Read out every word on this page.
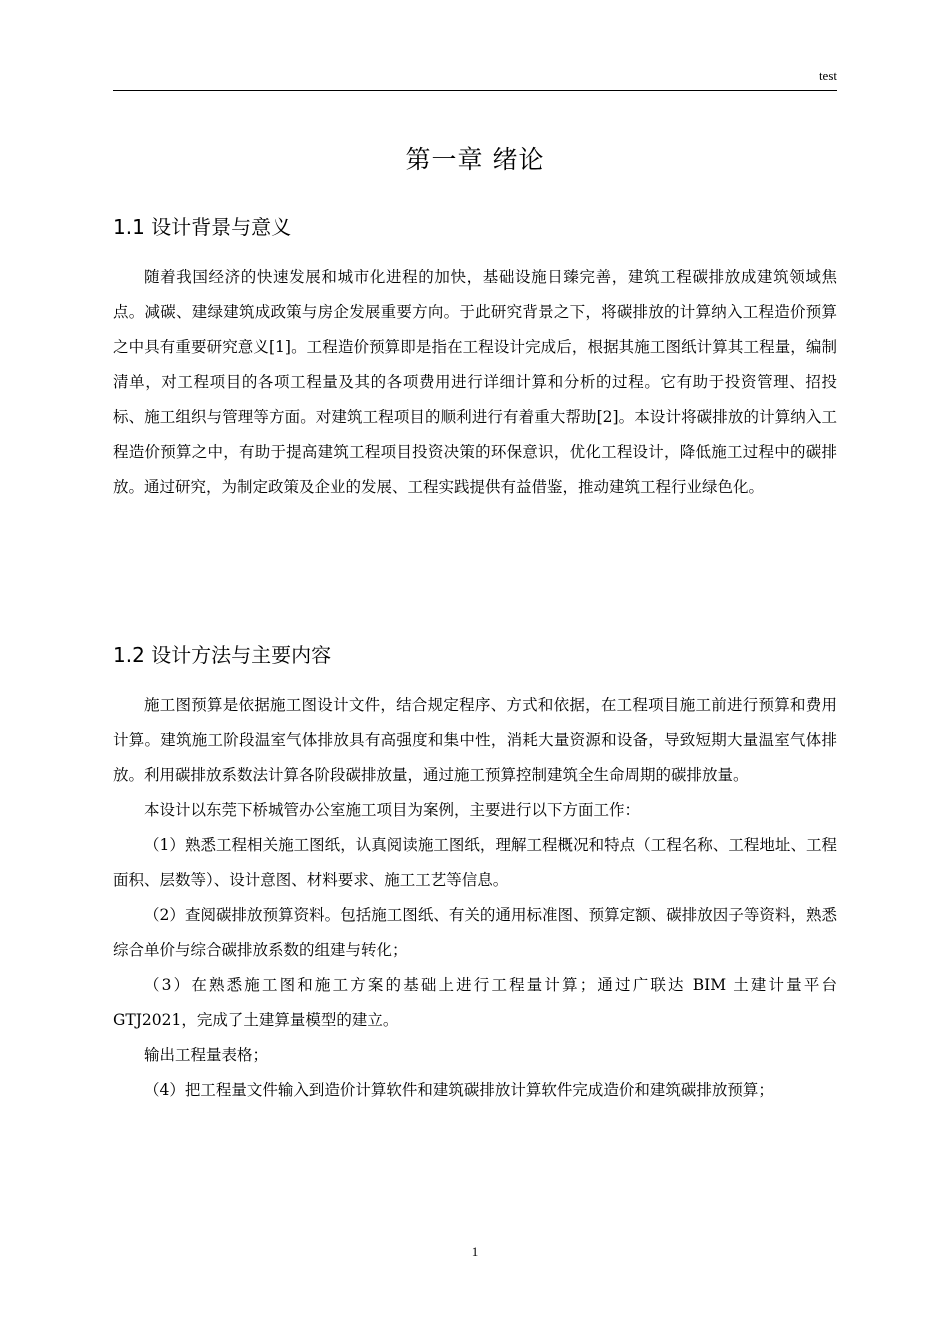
test
第一章 绪论
1.1 设计背景与意义

随着我国经济的快速发展和城市化进程的加快，基础设施日臻完善，建筑工程碳排放成建筑领域焦点。减碳、建绿建筑成政策与房企发展重要方向。于此研究背景之下，将碳排放的计算纳入工程造价预算之中具有重要研究意义[1]。工程造价预算即是指在工程设计完成后，根据其施工图纸计算其工程量，编制清单，对工程项目的各项工程量及其的各项费用进行详细计算和分析的过程。它有助于投资管理、招投标、施工组织与管理等方面。对建筑工程项目的顺利进行有着重大帮助[2]。本设计将碳排放的计算纳入工程造价预算之中，有助于提高建筑工程项目投资决策的环保意识，优化工程设计，降低施工过程中的碳排放。通过研究，为制定政策及企业的发展、工程实践提供有益借鉴，推动建筑工程行业绿色化。

1.2 设计方法与主要内容

施工图预算是依据施工图设计文件，结合规定程序、方式和依据，在工程项目施工前进行预算和费用计算。建筑施工阶段温室气体排放具有高强度和集中性，消耗大量资源和设备，导致短期大量温室气体排放。利用碳排放系数法计算各阶段碳排放量，通过施工预算控制建筑全生命周期的碳排放量。

本设计以东莞下桥城管办公室施工项目为案例，主要进行以下方面工作：

（1）熟悉工程相关施工图纸，认真阅读施工图纸，理解工程概况和特点（工程名称、工程地址、工程面积、层数等）、设计意图、材料要求、施工工艺等信息。

（2）查阅碳排放预算资料。包括施工图纸、有关的通用标准图、预算定额、碳排放因子等资料，熟悉综合单价与综合碳排放系数的组建与转化；

（3）在熟悉施工图和施工方案的基础上进行工程量计算；通过广联达 BIM 土建计量平台 GTJ2021，完成了土建算量模型的建立。

输出工程量表格；

（4）把工程量文件输入到造价计算软件和建筑碳排放计算软件完成造价和建筑碳排放预算；

1
